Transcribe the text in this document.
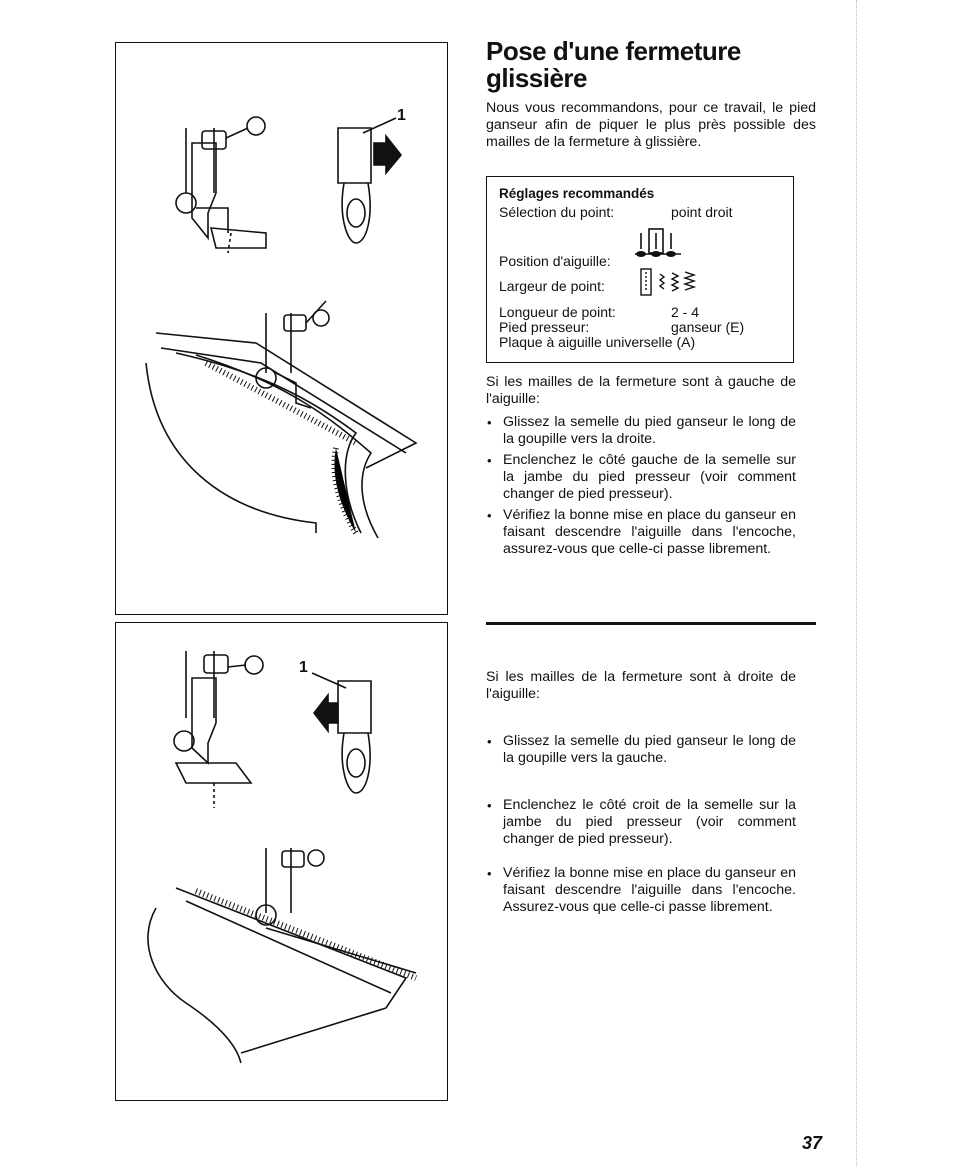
1
1
Pose d'une fermeture glissière

Nous vous recommandons, pour ce travail, le pied ganseur afin de piquer le plus près possible des mailles de la fermeture à glissière.

Réglages recommandés
Sélection du point:	point droit
Position d'aiguille:
Largeur de point:
Longueur de point:	2 - 4
Pied presseur:	ganseur (E)
Plaque à aiguille universelle (A)

Si les mailles de la fermeture sont à gauche de l'aiguille:

• Glissez la semelle du pied ganseur le long de la goupille vers la droite.
• Enclenchez le côté gauche de la semelle sur la jambe du pied presseur (voir comment changer de pied presseur).
• Vérifiez la bonne mise en place du ganseur en faisant descendre l'aiguille dans l'encoche, assurez-vous que celle-ci passe librement.

Si les mailles de la fermeture sont à droite de l'aiguille:

• Glissez la semelle du pied ganseur le long de la goupille vers la gauche.
• Enclenchez le côté croit de la semelle sur la jambe du pied presseur (voir comment changer de pied presseur).
• Vérifiez la bonne mise en place du ganseur en faisant descendre l'aiguille dans l'encoche. Assurez-vous que celle-ci passe librement.
37
